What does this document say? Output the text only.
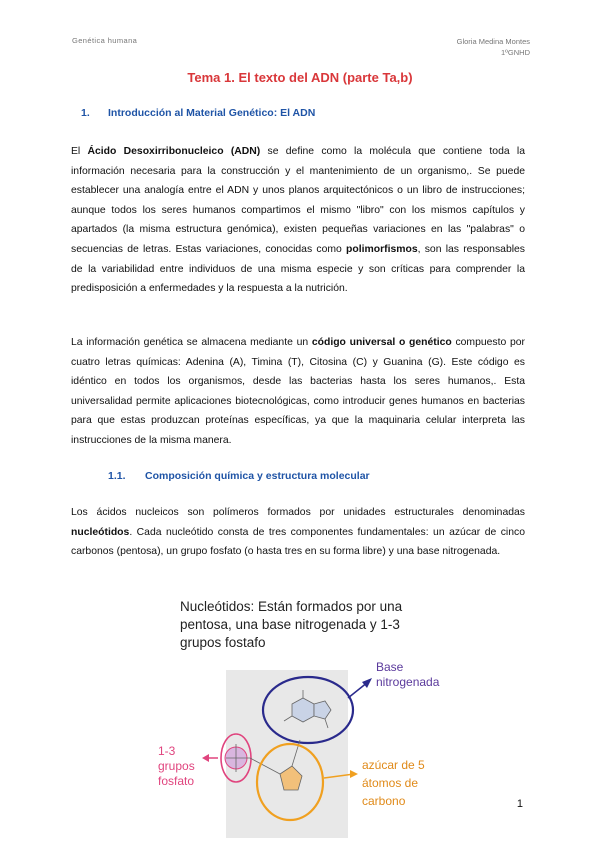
Genética humana	Gloria Medina Montes
1ºGNHD
Tema 1. El texto del ADN (parte Ta,b)
1. Introducción al Material Genético: El ADN
El Ácido Desoxirribonucleico (ADN) se define como la molécula que contiene toda la información necesaria para la construcción y el mantenimiento de un organismo,. Se puede establecer una analogía entre el ADN y unos planos arquitectónicos o un libro de instrucciones; aunque todos los seres humanos compartimos el mismo "libro" con los mismos capítulos y apartados (la misma estructura genómica), existen pequeñas variaciones en las "palabras" o secuencias de letras. Estas variaciones, conocidas como polimorfismos, son las responsables de la variabilidad entre individuos de una misma especie y son críticas para comprender la predisposición a enfermedades y la respuesta a la nutrición.
La información genética se almacena mediante un código universal o genético compuesto por cuatro letras químicas: Adenina (A), Timina (T), Citosina (C) y Guanina (G). Este código es idéntico en todos los organismos, desde las bacterias hasta los seres humanos,. Esta universalidad permite aplicaciones biotecnológicas, como introducir genes humanos en bacterias para que estas produzcan proteínas específicas, ya que la maquinaria celular interpreta las instrucciones de la misma manera.
1.1. Composición química y estructura molecular
Los ácidos nucleicos son polímeros formados por unidades estructurales denominadas nucleótidos. Cada nucleótido consta de tres componentes fundamentales: un azúcar de cinco carbonos (pentosa), un grupo fosfato (o hasta tres en su forma libre) y una base nitrogenada.
Nucleótidos: Están formados por una
pentosa, una base nitrogenada y 1-3
grupos fostafo
Base
nitrogenada
1-3
grupos
fosfato
azúcar de 5
átomos de
carbono	1
